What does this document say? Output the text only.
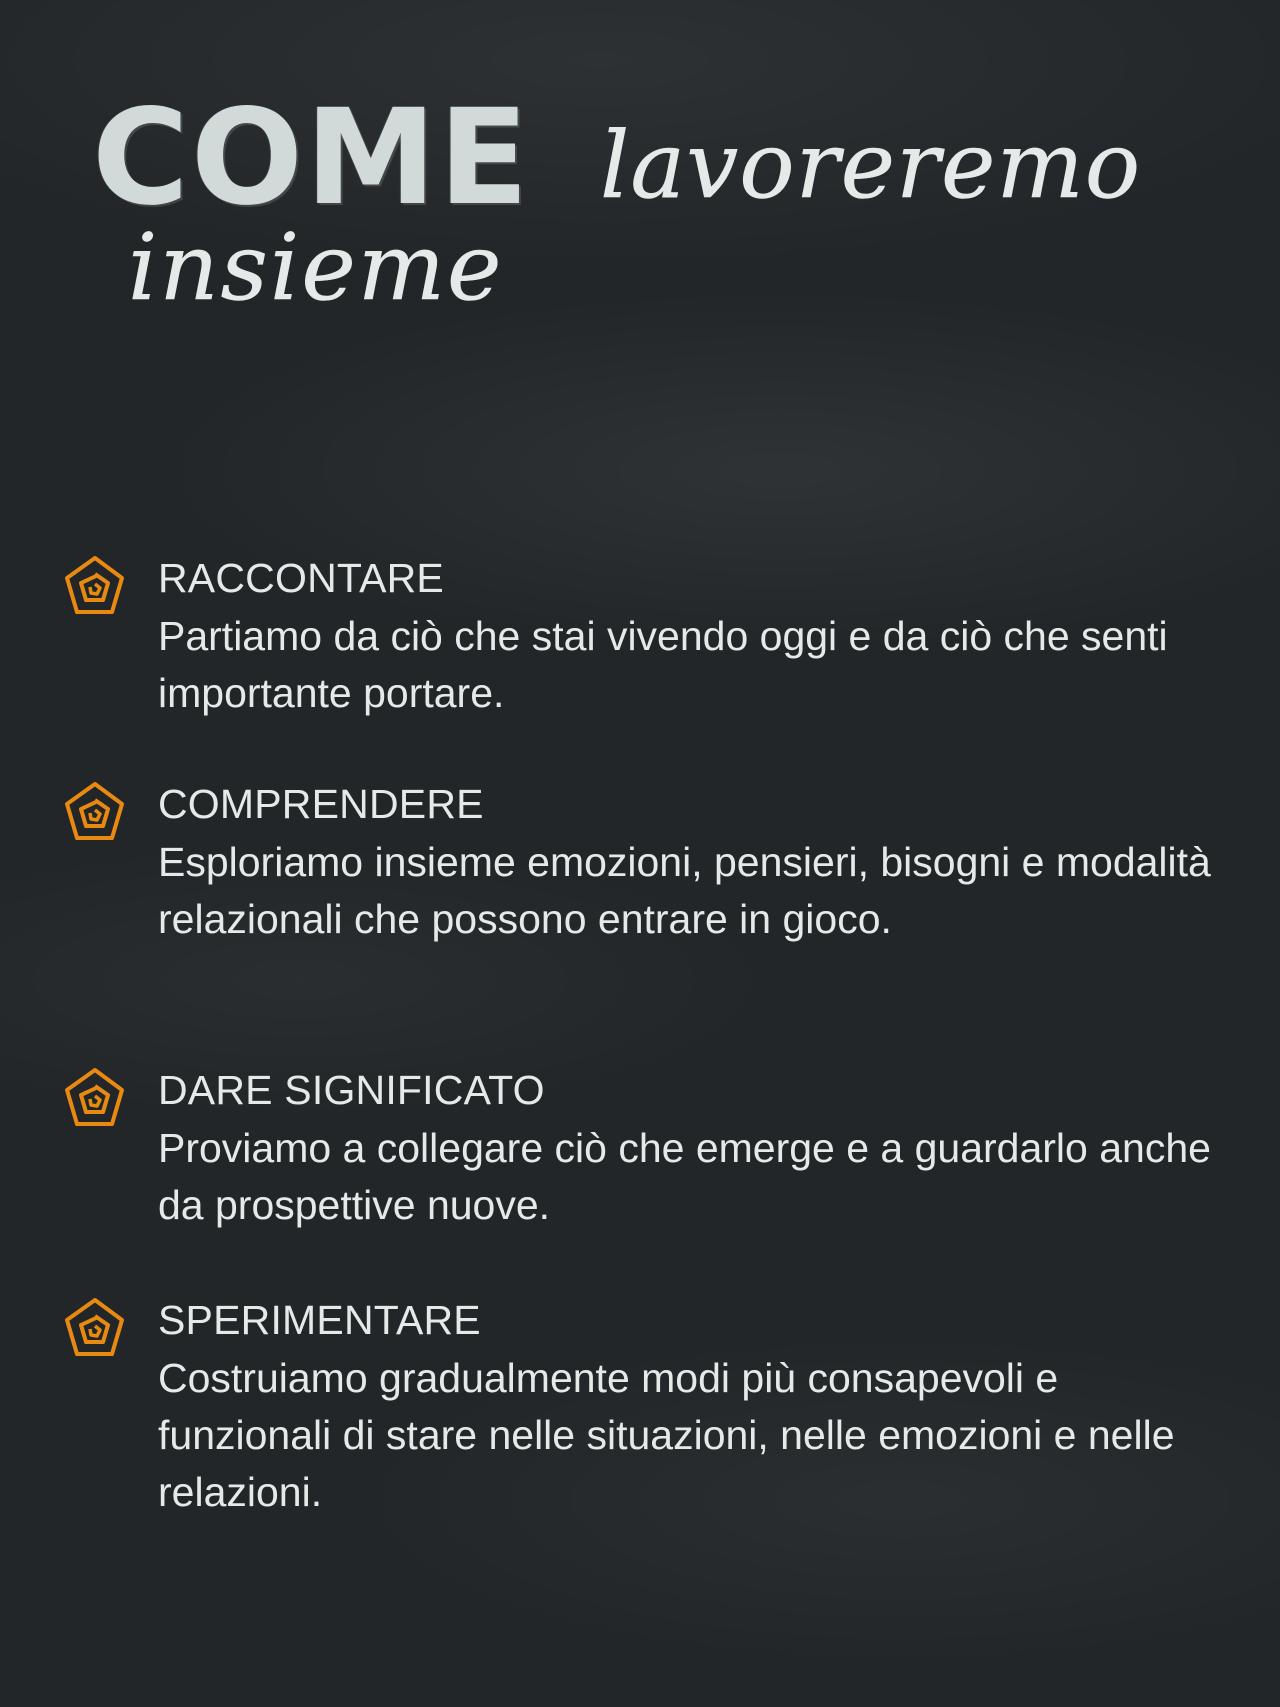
COME lavoreremo
insieme
RACCONTARE
Partiamo da ciò che stai vivendo oggi e da ciò che senti importante portare.
COMPRENDERE
Esploriamo insieme emozioni, pensieri, bisogni e modalità relazionali che possono entrare in gioco.
DARE SIGNIFICATO
Proviamo a collegare ciò che emerge e a guardarlo anche da prospettive nuove.
SPERIMENTARE
Costruiamo gradualmente modi più consapevoli e funzionali di stare nelle situazioni, nelle emozioni e nelle relazioni.
